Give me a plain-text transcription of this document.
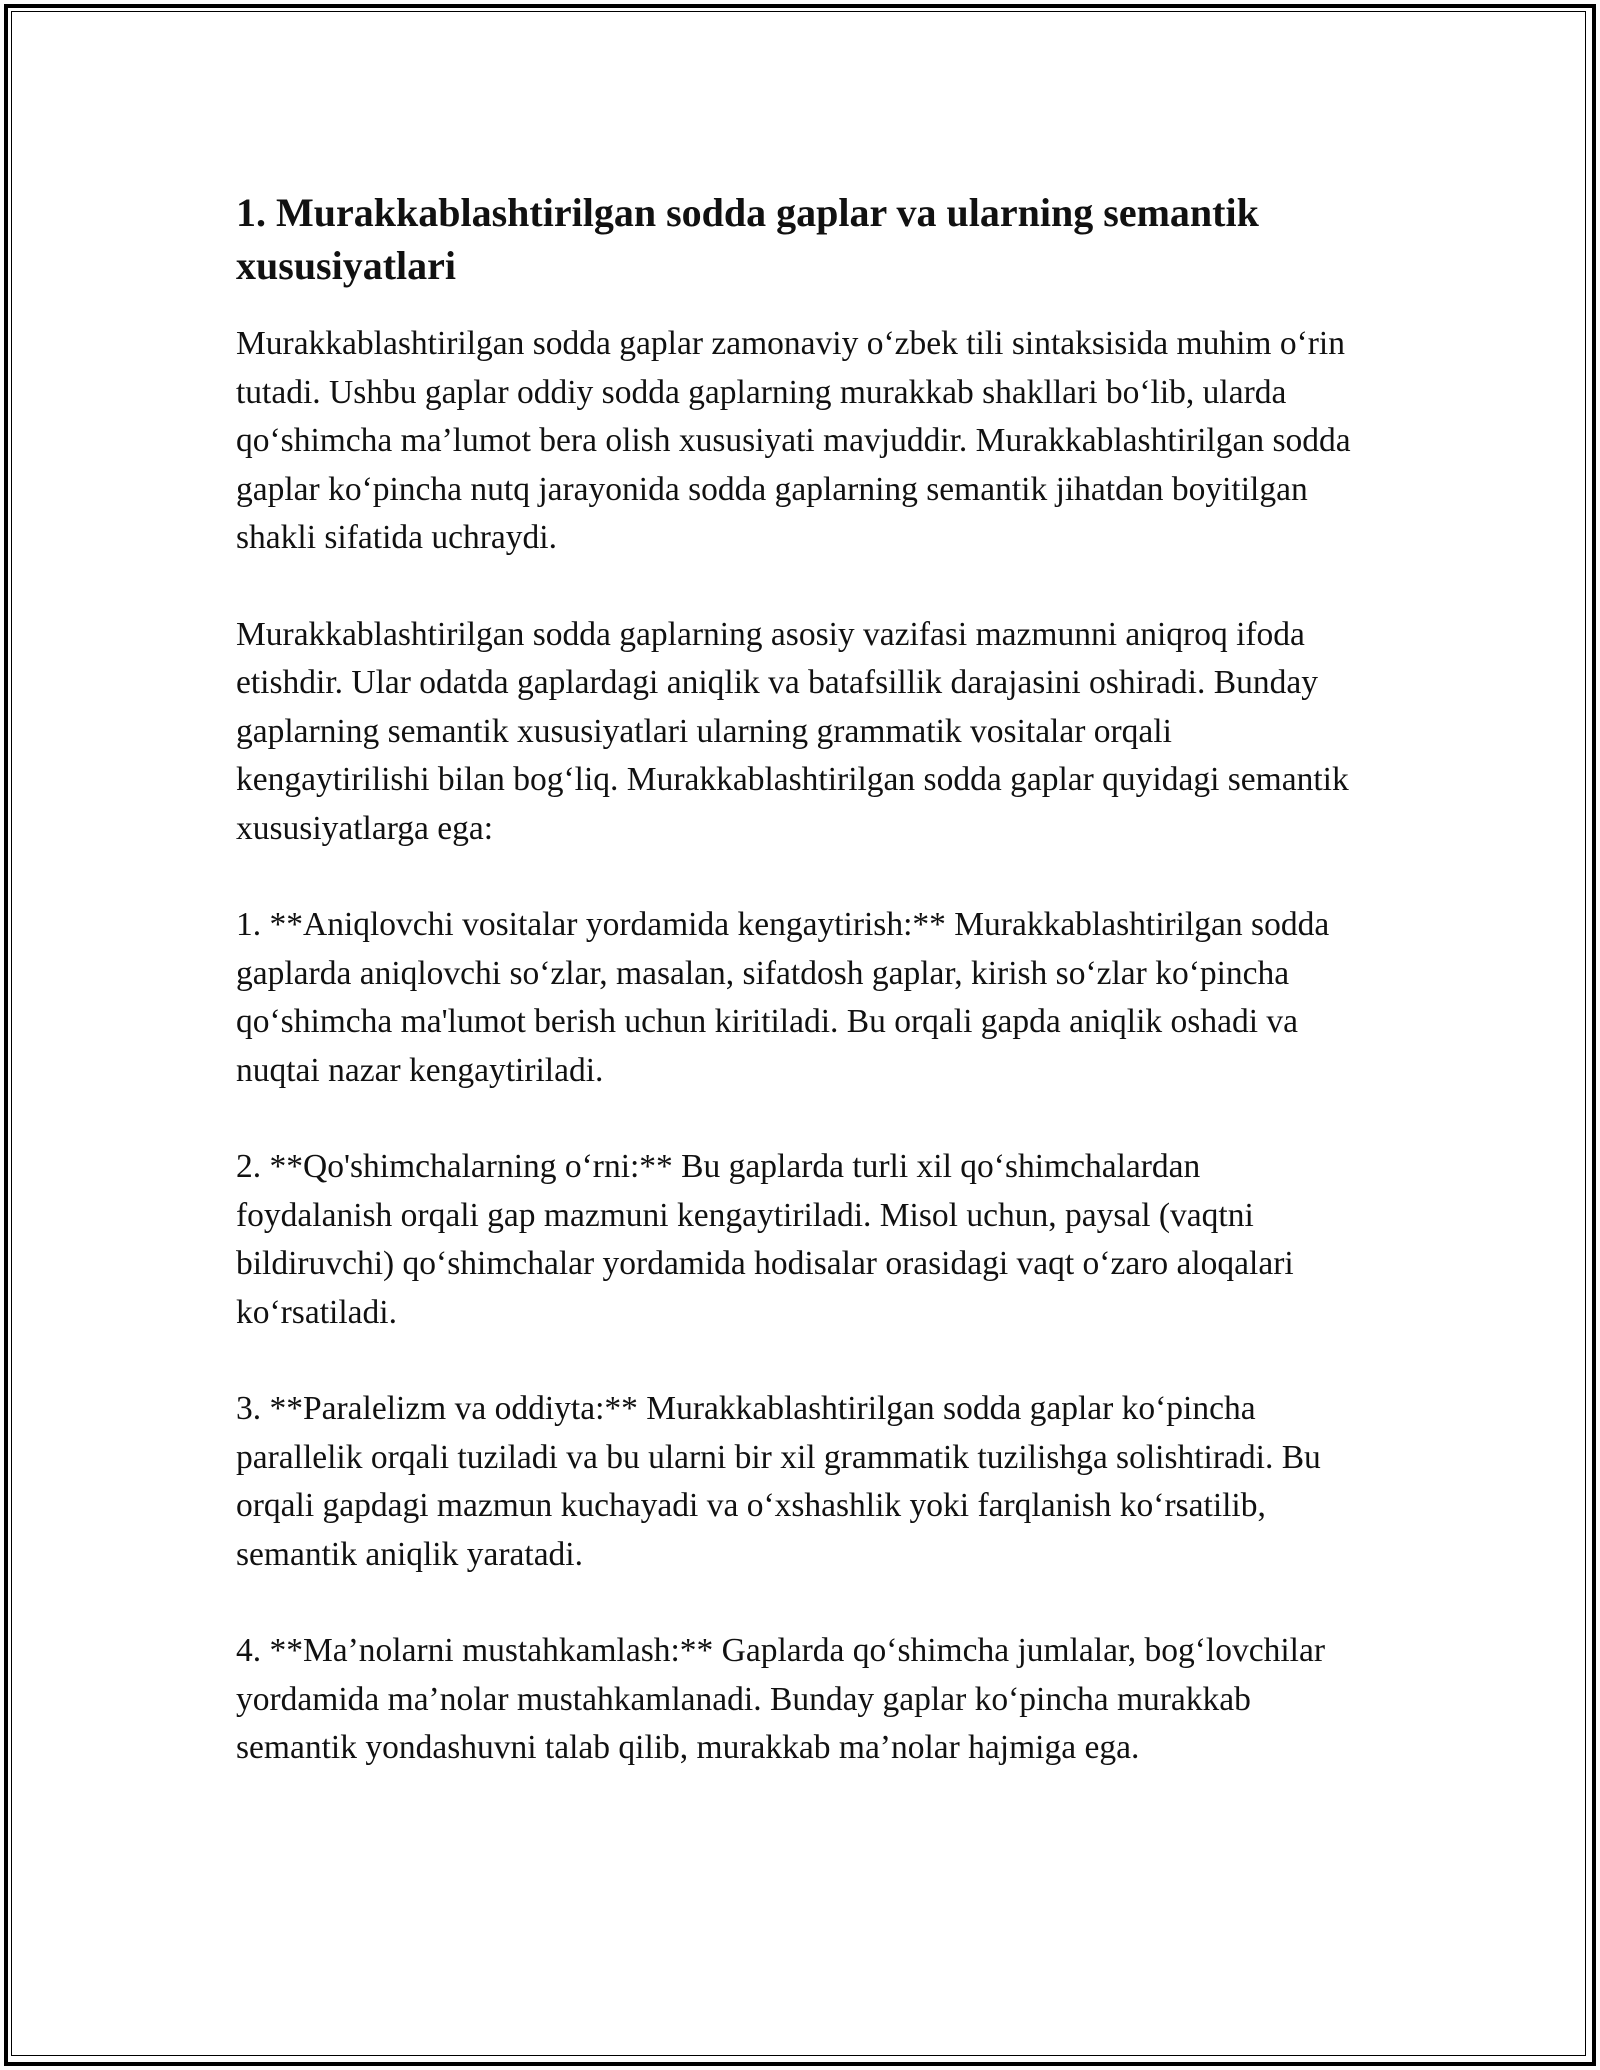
1. Murakkablashtirilgan sodda gaplar va ularning semantik xususiyatlari

Murakkablashtirilgan sodda gaplar zamonaviy o‘zbek tili sintaksisida muhim o‘rin tutadi. Ushbu gaplar oddiy sodda gaplarning murakkab shakllari bo‘lib, ularda qo‘shimcha ma’lumot bera olish xususiyati mavjuddir. Murakkablashtirilgan sodda gaplar ko‘pincha nutq jarayonida sodda gaplarning semantik jihatdan boyitilgan shakli sifatida uchraydi.

Murakkablashtirilgan sodda gaplarning asosiy vazifasi mazmunni aniqroq ifoda etishdir. Ular odatda gaplardagi aniqlik va batafsillik darajasini oshiradi. Bunday gaplarning semantik xususiyatlari ularning grammatik vositalar orqali kengaytirilishi bilan bog‘liq. Murakkablashtirilgan sodda gaplar quyidagi semantik xususiyatlarga ega:

1. **Aniqlovchi vositalar yordamida kengaytirish:** Murakkablashtirilgan sodda gaplarda aniqlovchi so‘zlar, masalan, sifatdosh gaplar, kirish so‘zlar ko‘pincha qo‘shimcha ma'lumot berish uchun kiritiladi. Bu orqali gapda aniqlik oshadi va nuqtai nazar kengaytiriladi.

2. **Qo'shimchalarning o‘rni:** Bu gaplarda turli xil qo‘shimchalardan foydalanish orqali gap mazmuni kengaytiriladi. Misol uchun, paysal (vaqtni bildiruvchi) qo‘shimchalar yordamida hodisalar orasidagi vaqt o‘zaro aloqalari ko‘rsatiladi.

3. **Paralelizm va oddiyta:** Murakkablashtirilgan sodda gaplar ko‘pincha parallelik orqali tuziladi va bu ularni bir xil grammatik tuzilishga solishtiradi. Bu orqali gapdagi mazmun kuchayadi va o‘xshashlik yoki farqlanish ko‘rsatilib, semantik aniqlik yaratadi.

4. **Ma’nolarni mustahkamlash:** Gaplarda qo‘shimcha jumlalar, bog‘lovchilar yordamida ma’nolar mustahkamlanadi. Bunday gaplar ko‘pincha murakkab semantik yondashuvni talab qilib, murakkab ma’nolar hajmiga ega.
